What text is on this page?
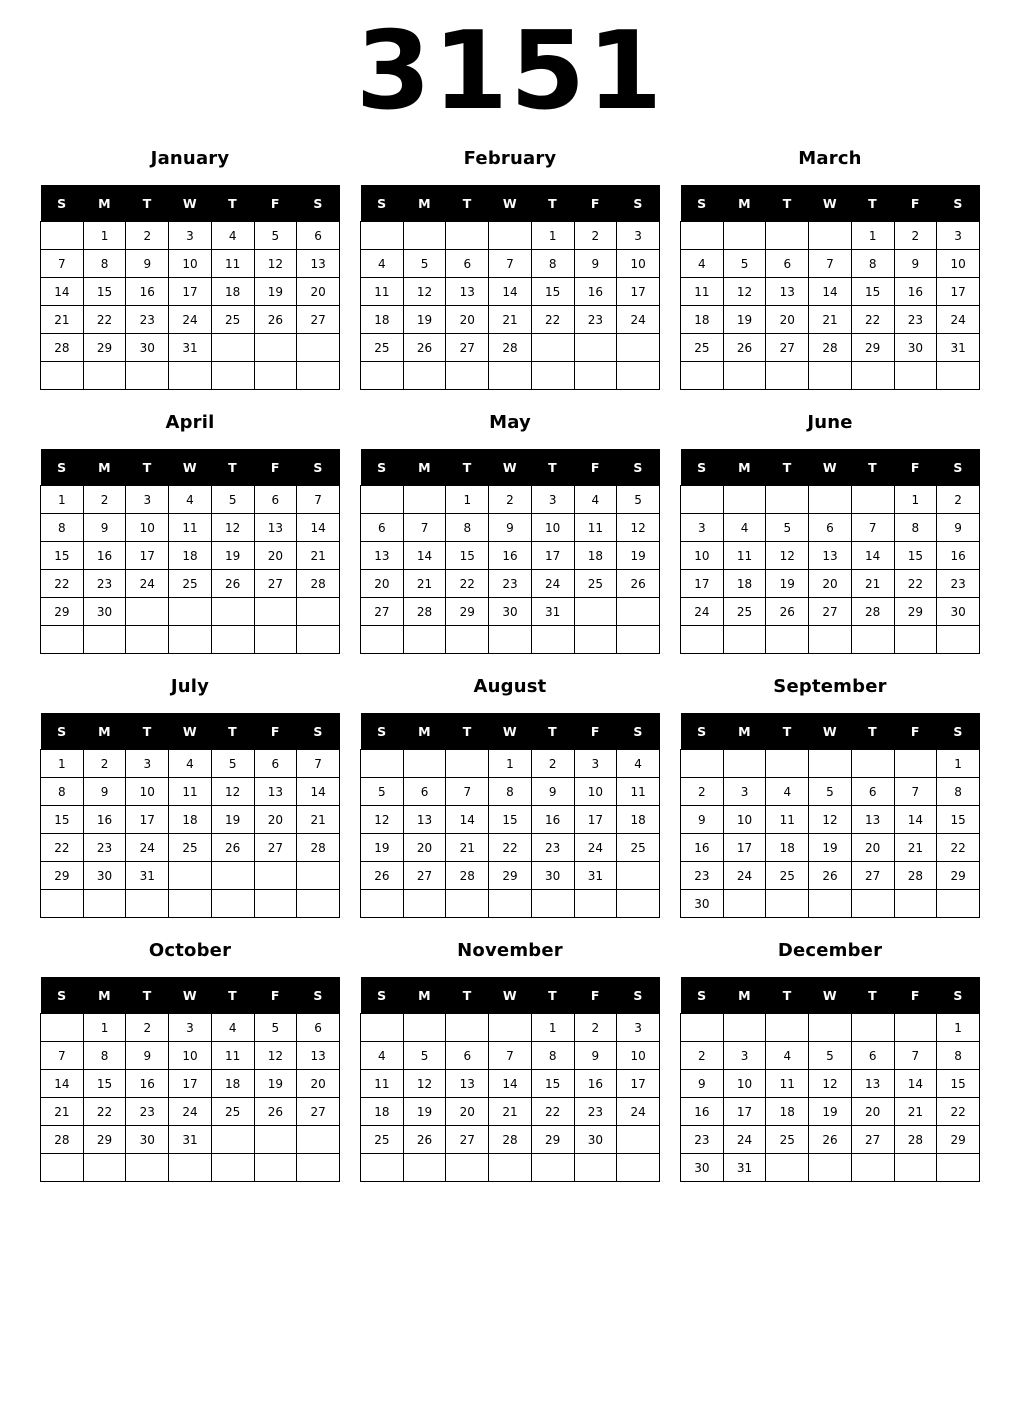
3151
January
S	M	T	W	T	F	S
	1	2	3	4	5	6
7	8	9	10	11	12	13
14	15	16	17	18	19	20
21	22	23	24	25	26	27
28	29	30	31			

February
S	M	T	W	T	F	S
				1	2	3
4	5	6	7	8	9	10
11	12	13	14	15	16	17
18	19	20	21	22	23	24
25	26	27	28			

March
S	M	T	W	T	F	S
				1	2	3
4	5	6	7	8	9	10
11	12	13	14	15	16	17
18	19	20	21	22	23	24
25	26	27	28	29	30	31

April
S	M	T	W	T	F	S
1	2	3	4	5	6	7
8	9	10	11	12	13	14
15	16	17	18	19	20	21
22	23	24	25	26	27	28
29	30					

May
S	M	T	W	T	F	S
		1	2	3	4	5
6	7	8	9	10	11	12
13	14	15	16	17	18	19
20	21	22	23	24	25	26
27	28	29	30	31		

June
S	M	T	W	T	F	S
					1	2
3	4	5	6	7	8	9
10	11	12	13	14	15	16
17	18	19	20	21	22	23
24	25	26	27	28	29	30

July
S	M	T	W	T	F	S
1	2	3	4	5	6	7
8	9	10	11	12	13	14
15	16	17	18	19	20	21
22	23	24	25	26	27	28
29	30	31				

August
S	M	T	W	T	F	S
			1	2	3	4
5	6	7	8	9	10	11
12	13	14	15	16	17	18
19	20	21	22	23	24	25
26	27	28	29	30	31	

September
S	M	T	W	T	F	S
						1
2	3	4	5	6	7	8
9	10	11	12	13	14	15
16	17	18	19	20	21	22
23	24	25	26	27	28	29
30						
October
S	M	T	W	T	F	S
	1	2	3	4	5	6
7	8	9	10	11	12	13
14	15	16	17	18	19	20
21	22	23	24	25	26	27
28	29	30	31			

November
S	M	T	W	T	F	S
				1	2	3
4	5	6	7	8	9	10
11	12	13	14	15	16	17
18	19	20	21	22	23	24
25	26	27	28	29	30	

December
S	M	T	W	T	F	S
						1
2	3	4	5	6	7	8
9	10	11	12	13	14	15
16	17	18	19	20	21	22
23	24	25	26	27	28	29
30	31					
